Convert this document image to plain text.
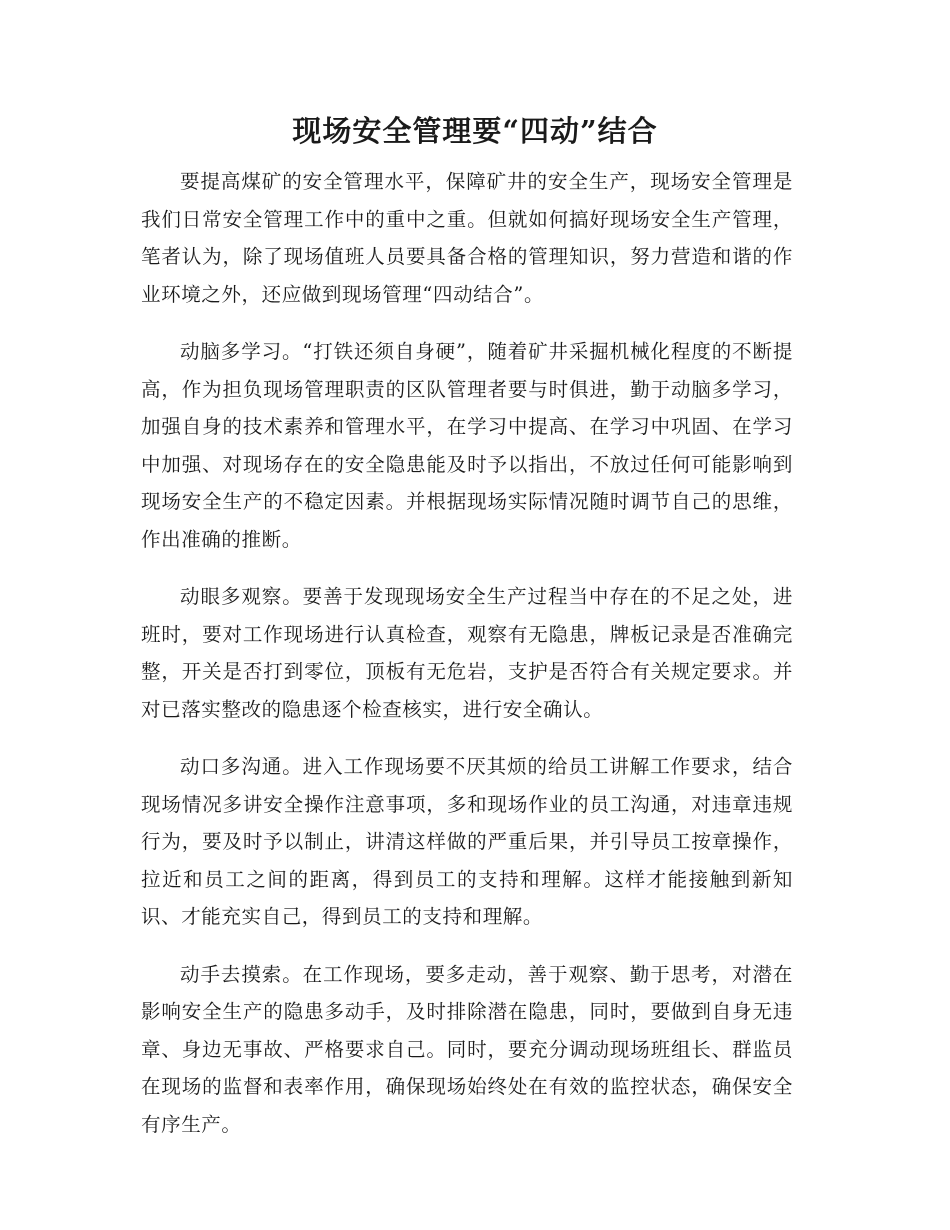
现场安全管理要“四动”结合

要提高煤矿的安全管理水平，保障矿井的安全生产，现场安全管理是我们日常安全管理工作中的重中之重。但就如何搞好现场安全生产管理，笔者认为，除了现场值班人员要具备合格的管理知识，努力营造和谐的作业环境之外，还应做到现场管理“四动结合”。

动脑多学习。“打铁还须自身硬”，随着矿井采掘机械化程度的不断提高，作为担负现场管理职责的区队管理者要与时俱进，勤于动脑多学习，加强自身的技术素养和管理水平，在学习中提高、在学习中巩固、在学习中加强、对现场存在的安全隐患能及时予以指出，不放过任何可能影响到现场安全生产的不稳定因素。并根据现场实际情况随时调节自己的思维，作出准确的推断。

动眼多观察。要善于发现现场安全生产过程当中存在的不足之处，进班时，要对工作现场进行认真检查，观察有无隐患，牌板记录是否准确完整，开关是否打到零位，顶板有无危岩，支护是否符合有关规定要求。并对已落实整改的隐患逐个检查核实，进行安全确认。

动口多沟通。进入工作现场要不厌其烦的给员工讲解工作要求，结合现场情况多讲安全操作注意事项，多和现场作业的员工沟通，对违章违规行为，要及时予以制止，讲清这样做的严重后果，并引导员工按章操作，拉近和员工之间的距离，得到员工的支持和理解。这样才能接触到新知识、才能充实自己，得到员工的支持和理解。

动手去摸索。在工作现场，要多走动，善于观察、勤于思考，对潜在影响安全生产的隐患多动手，及时排除潜在隐患，同时，要做到自身无违章、身边无事故、严格要求自己。同时，要充分调动现场班组长、群监员在现场的监督和表率作用，确保现场始终处在有效的监控状态，确保安全有序生产。
